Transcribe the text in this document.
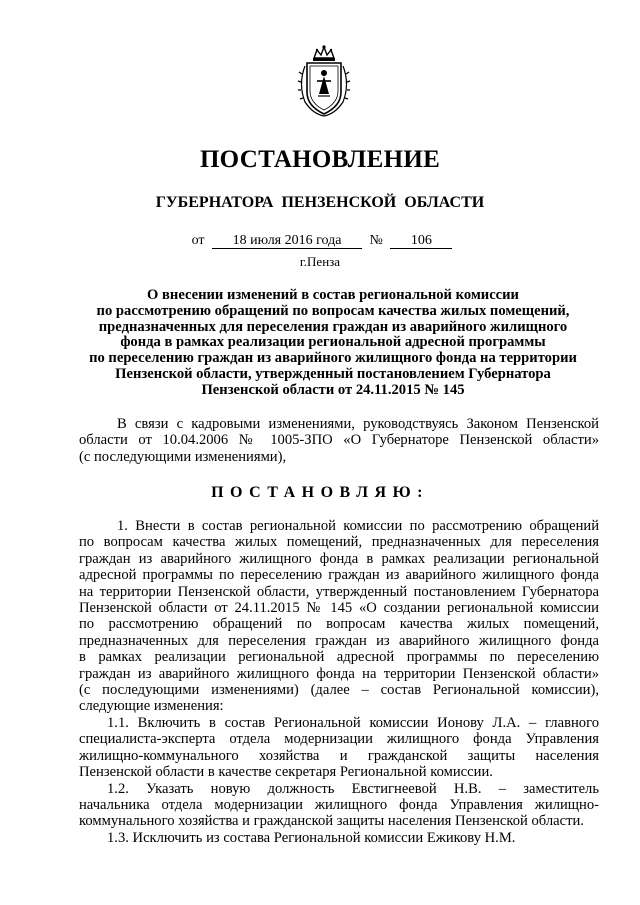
ПОСТАНОВЛЕНИЕ
ГУБЕРНАТОРА ПЕНЗЕНСКОЙ ОБЛАСТИ
от 18 июля 2016 года № 106
г.Пенза
О внесении изменений в состав региональной комиссии
по рассмотрению обращений по вопросам качества жилых помещений,
предназначенных для переселения граждан из аварийного жилищного
фонда в рамках реализации региональной адресной программы
по переселению граждан из аварийного жилищного фонда на территории
Пензенской области, утвержденный постановлением Губернатора
Пензенской области от 24.11.2015 № 145
В связи с кадровыми изменениями, руководствуясь Законом Пензенской
области от 10.04.2006 № 1005-ЗПО «О Губернаторе Пензенской области»
(с последующими изменениями),
ПОСТАНОВЛЯЮ:
1. Внести в состав региональной комиссии по рассмотрению обращений
по вопросам качества жилых помещений, предназначенных для переселения
граждан из аварийного жилищного фонда в рамках реализации региональной
адресной программы по переселению граждан из аварийного жилищного фонда
на территории Пензенской области, утвержденный постановлением Губернатора
Пензенской области от 24.11.2015 № 145 «О создании региональной комиссии
по рассмотрению обращений по вопросам качества жилых помещений,
предназначенных для переселения граждан из аварийного жилищного фонда
в рамках реализации региональной адресной программы по переселению
граждан из аварийного жилищного фонда на территории Пензенской области»
(с последующими изменениями) (далее – состав Региональной комиссии),
следующие изменения:
1.1. Включить в состав Региональной комиссии Ионову Л.А. – главного
специалиста-эксперта отдела модернизации жилищного фонда Управления
жилищно-коммунального хозяйства и гражданской защиты населения
Пензенской области в качестве секретаря Региональной комиссии.
1.2. Указать новую должность Евстигнеевой Н.В. – заместитель
начальника отдела модернизации жилищного фонда Управления жилищно-
коммунального хозяйства и гражданской защиты населения Пензенской области.
1.3. Исключить из состава Региональной комиссии Ежикову Н.М.
